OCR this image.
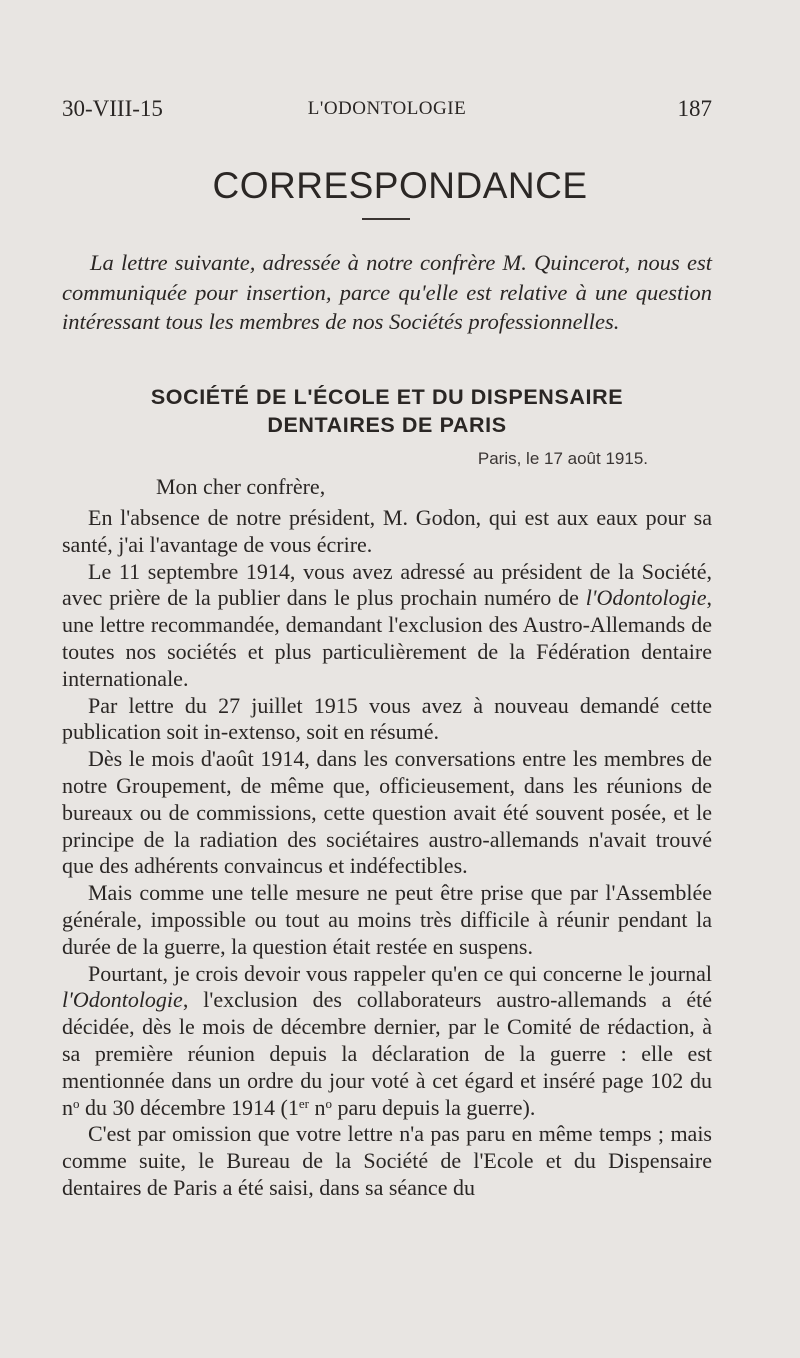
30-VIII-15	L'ODONTOLOGIE	187
CORRESPONDANCE
La lettre suivante, adressée à notre confrère M. Quincerot, nous est communiquée pour insertion, parce qu'elle est relative à une question intéressant tous les membres de nos Sociétés professionnelles.
SOCIÉTÉ DE L'ÉCOLE ET DU DISPENSAIRE
DENTAIRES DE PARIS
Paris, le 17 août 1915.
Mon cher confrère,

En l'absence de notre président, M. Godon, qui est aux eaux pour sa santé, j'ai l'avantage de vous écrire.

Le 11 septembre 1914, vous avez adressé au président de la Société, avec prière de la publier dans le plus prochain numéro de l'Odontologie, une lettre recommandée, demandant l'exclusion des Austro-Allemands de toutes nos sociétés et plus particulièrement de la Fédération dentaire internationale.

Par lettre du 27 juillet 1915 vous avez à nouveau demandé cette publication soit in-extenso, soit en résumé.

Dès le mois d'août 1914, dans les conversations entre les membres de notre Groupement, de même que, officieusement, dans les réunions de bureaux ou de commissions, cette question avait été souvent posée, et le principe de la radiation des sociétaires austro-allemands n'avait trouvé que des adhérents convaincus et indéfectibles.

Mais comme une telle mesure ne peut être prise que par l'Assemblée générale, impossible ou tout au moins très difficile à réunir pendant la durée de la guerre, la question était restée en suspens.

Pourtant, je crois devoir vous rappeler qu'en ce qui concerne le journal l'Odontologie, l'exclusion des collaborateurs austro-allemands a été décidée, dès le mois de décembre dernier, par le Comité de rédaction, à sa première réunion depuis la déclaration de la guerre : elle est mentionnée dans un ordre du jour voté à cet égard et inséré page 102 du $n^o$ du 30 décembre 1914 (1er $n^o$ paru depuis la guerre).

C'est par omission que votre lettre n'a pas paru en même temps ; mais comme suite, le Bureau de la Société de l'Ecole et du Dispensaire dentaires de Paris a été saisi, dans sa séance du
